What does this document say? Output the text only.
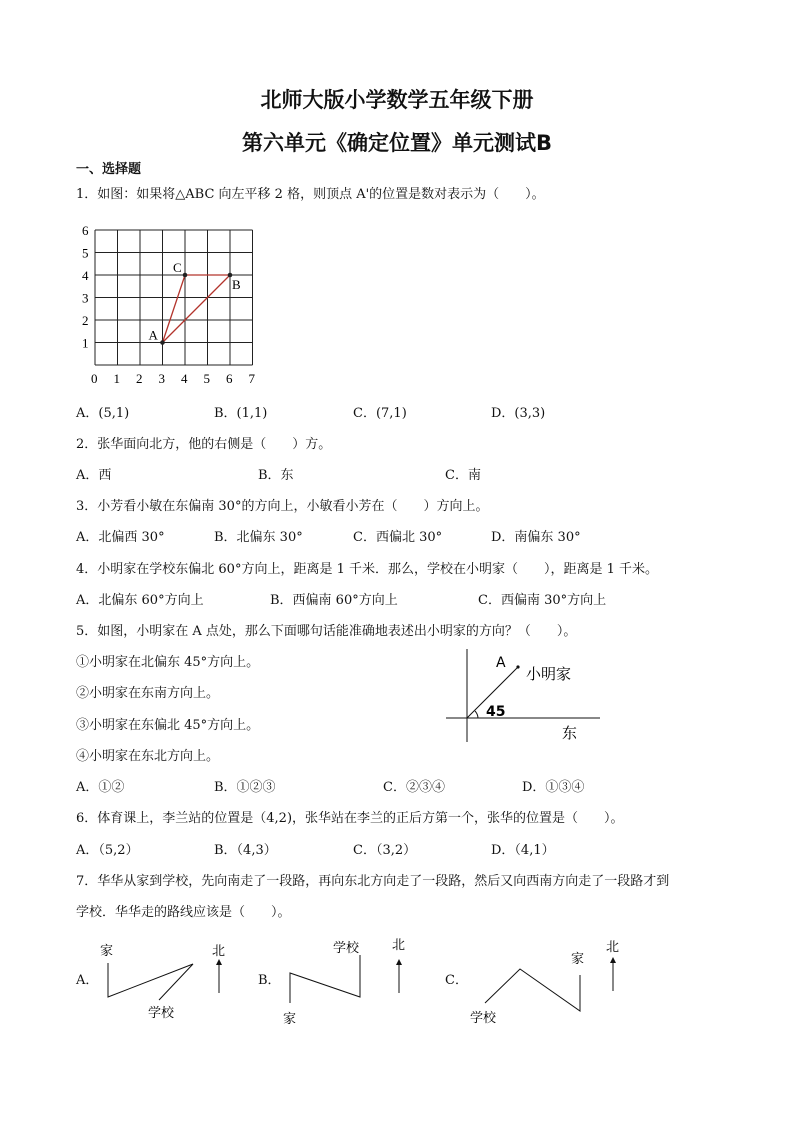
北师大版小学数学五年级下册
第六单元《确定位置》单元测试B
一、选择题
1．如图：如果将△ABC 向左平移 2 格，则顶点 A'的位置是数对表示为（　　）。
6
5
4
3
2
1
0 1 2 3 4 5 6 7
A
B
C
A．(5,1)	B．(1,1)	C．(7,1)	D．(3,3)
2．张华面向北方，他的右侧是（　　）方。
A．西	B．东	C．南
3．小芳看小敏在东偏南 30°的方向上，小敏看小芳在（　　）方向上。
A．北偏西 30°	B．北偏东 30°	C．西偏北 30°	D．南偏东 30°
4．小明家在学校东偏北 60°方向上，距离是 1 千米．那么，学校在小明家（　　），距离是 1 千米。
A．北偏东 60°方向上	B．西偏南 60°方向上	C．西偏南 30°方向上
5．如图，小明家在 A 点处，那么下面哪句话能准确地表述出小明家的方向？（　　）。
①小明家在北偏东 45°方向上。
②小明家在东南方向上。
③小明家在东偏北 45°方向上。
④小明家在东北方向上。
A
小明家
45
东
A．①②	B．①②③	C．②③④	D．①③④
6．体育课上，李兰站的位置是（4,2)，张华站在李兰的正后方第一个，张华的位置是（　　）。
A．（5,2）	B．（4,3）	C．（3,2）	D．（4,1）
7．华华从家到学校，先向南走了一段路，再向东北方向走了一段路，然后又向西南方向走了一段路才到
学校．华华走的路线应该是（　　）。
A．	B．	C．
家
学校
北	学校
家
北
家
学校
北
